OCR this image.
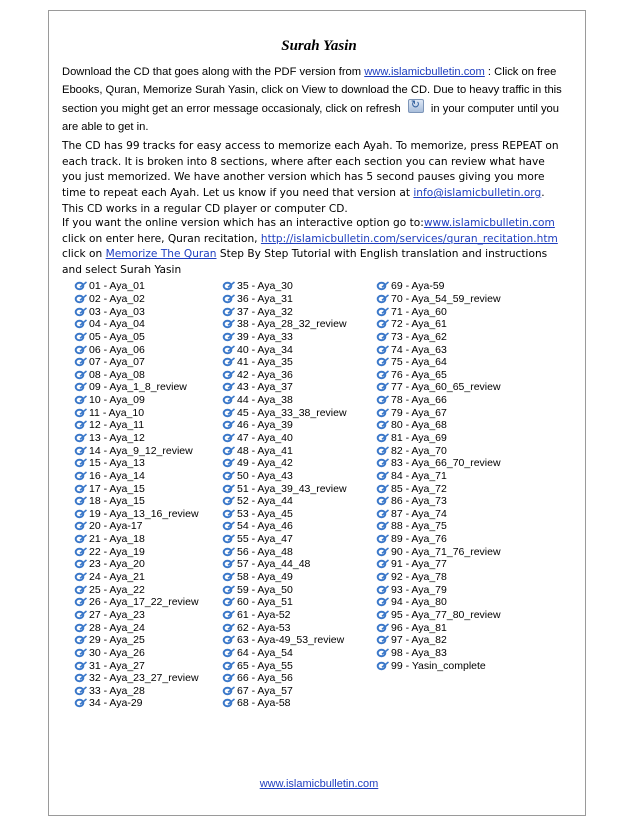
Surah Yasin
Download the CD that goes along with the PDF version from www.islamicbulletin.com : Click on free Ebooks, Quran, Memorize Surah Yasin, click on View to download the CD. Due to heavy traffic in this section you might get an error message occasionaly, click on refresh ↻ in your computer until you are able to get in.
The CD has 99 tracks for easy access to memorize each Ayah. To memorize, press REPEAT on each track. It is broken into 8 sections, where after each section you can review what have you just memorized. We have another version which has 5 second pauses giving you more time to repeat each Ayah. Let us know if you need that version at info@islamicbulletin.org. This CD works in a regular CD player or computer CD.
If you want the online version which has an interactive option go to:www.islamicbulletin.com click on enter here, Quran recitation, http://islamicbulletin.com/services/quran_recitation.htm click on Memorize The Quran Step By Step Tutorial with English translation and instructions and select Surah Yasin
01 - Aya_01
02 - Aya_02
03 - Aya_03
04 - Aya_04
05 - Aya_05
06 - Aya_06
07 - Aya_07
08 - Aya_08
09 - Aya_1_8_review
10 - Aya_09
11 - Aya_10
12 - Aya_11
13 - Aya_12
14 - Aya_9_12_review
15 - Aya_13
16 - Aya_14
17 - Aya_15
18 - Aya_15
19 - Aya_13_16_review
20 - Aya-17
21 - Aya_18
22 - Aya_19
23 - Aya_20
24 - Aya_21
25 - Aya_22
26 - Aya_17_22_review
27 - Aya_23
28 - Aya_24
29 - Aya_25
30 - Aya_26
31 - Aya_27
32 - Aya_23_27_review
33 - Aya_28
34 - Aya-29
35 - Aya_30
36 - Aya_31
37 - Aya_32
38 - Aya_28_32_review
39 - Aya_33
40 - Aya_34
41 - Aya_35
42 - Aya_36
43 - Aya_37
44 - Aya_38
45 - Aya_33_38_review
46 - Aya_39
47 - Aya_40
48 - Aya_41
49 - Aya_42
50 - Aya_43
51 - Aya_39_43_review
52 - Aya_44
53 - Aya_45
54 - Aya_46
55 - Aya_47
56 - Aya_48
57 - Aya_44_48
58 - Aya_49
59 - Aya_50
60 - Aya_51
61 - Aya-52
62 - Aya-53
63 - Aya-49_53_review
64 - Aya_54
65 - Aya_55
66 - Aya_56
67 - Aya_57
68 - Aya-58
69 - Aya-59
70 - Aya_54_59_review
71 - Aya_60
72 - Aya_61
73 - Aya_62
74 - Aya_63
75 - Aya_64
76 - Aya_65
77 - Aya_60_65_review
78 - Aya_66
79 - Aya_67
80 - Aya_68
81 - Aya_69
82 - Aya_70
83 - Aya_66_70_review
84 - Aya_71
85 - Aya_72
86 - Aya_73
87 - Aya_74
88 - Aya_75
89 - Aya_76
90 - Aya_71_76_review
91 - Aya_77
92 - Aya_78
93 - Aya_79
94 - Aya_80
95 - Aya_77_80_review
96 - Aya_81
97 - Aya_82
98 - Aya_83
99 - Yasin_complete
www.islamicbulletin.com
